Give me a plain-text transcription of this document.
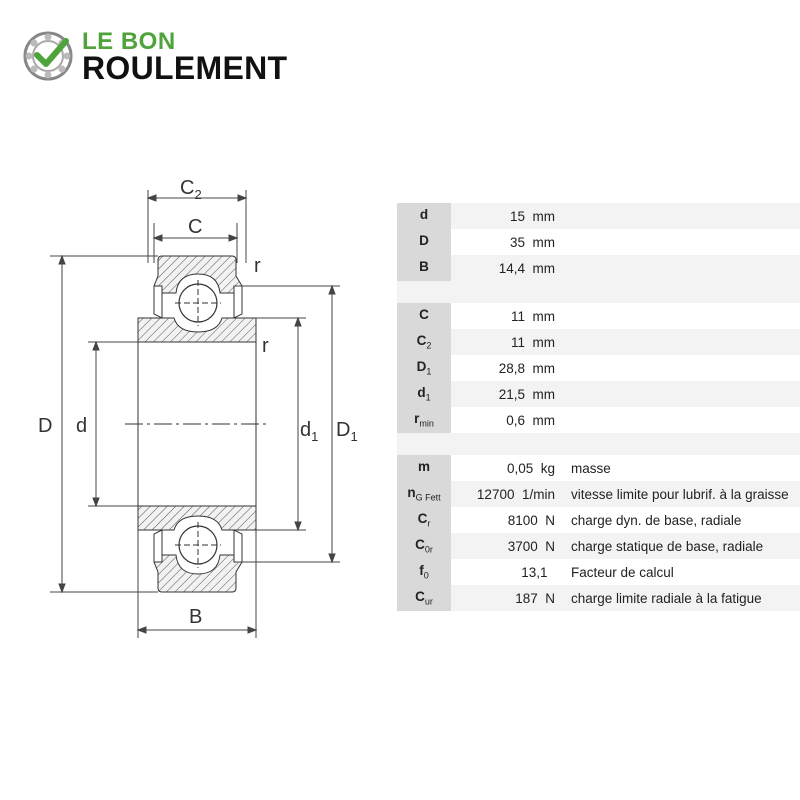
LE BON
ROULEMENT
$C_2$
C
r
r
D d	$d_1$ $D_1$
B
d	15 mm	
D	35 mm	
B	14,4 mm	

C	11 mm	
$C_2$	11 mm	
$D_1$	28,8 mm	
$d_1$	21,5 mm	
$r_{min}$	0,6 mm	

m	0,05 kg	masse
$n_{G Fett}$	12700 1/min	vitesse limite pour lubrif. à la graisse
$C_r$	8100 N	charge dyn. de base, radiale
$C_{0r}$	3700 N	charge statique de base, radiale
$f_0$	13,1	Facteur de calcul
$C_{ur}$	187 N	charge limite radiale à la fatigue
